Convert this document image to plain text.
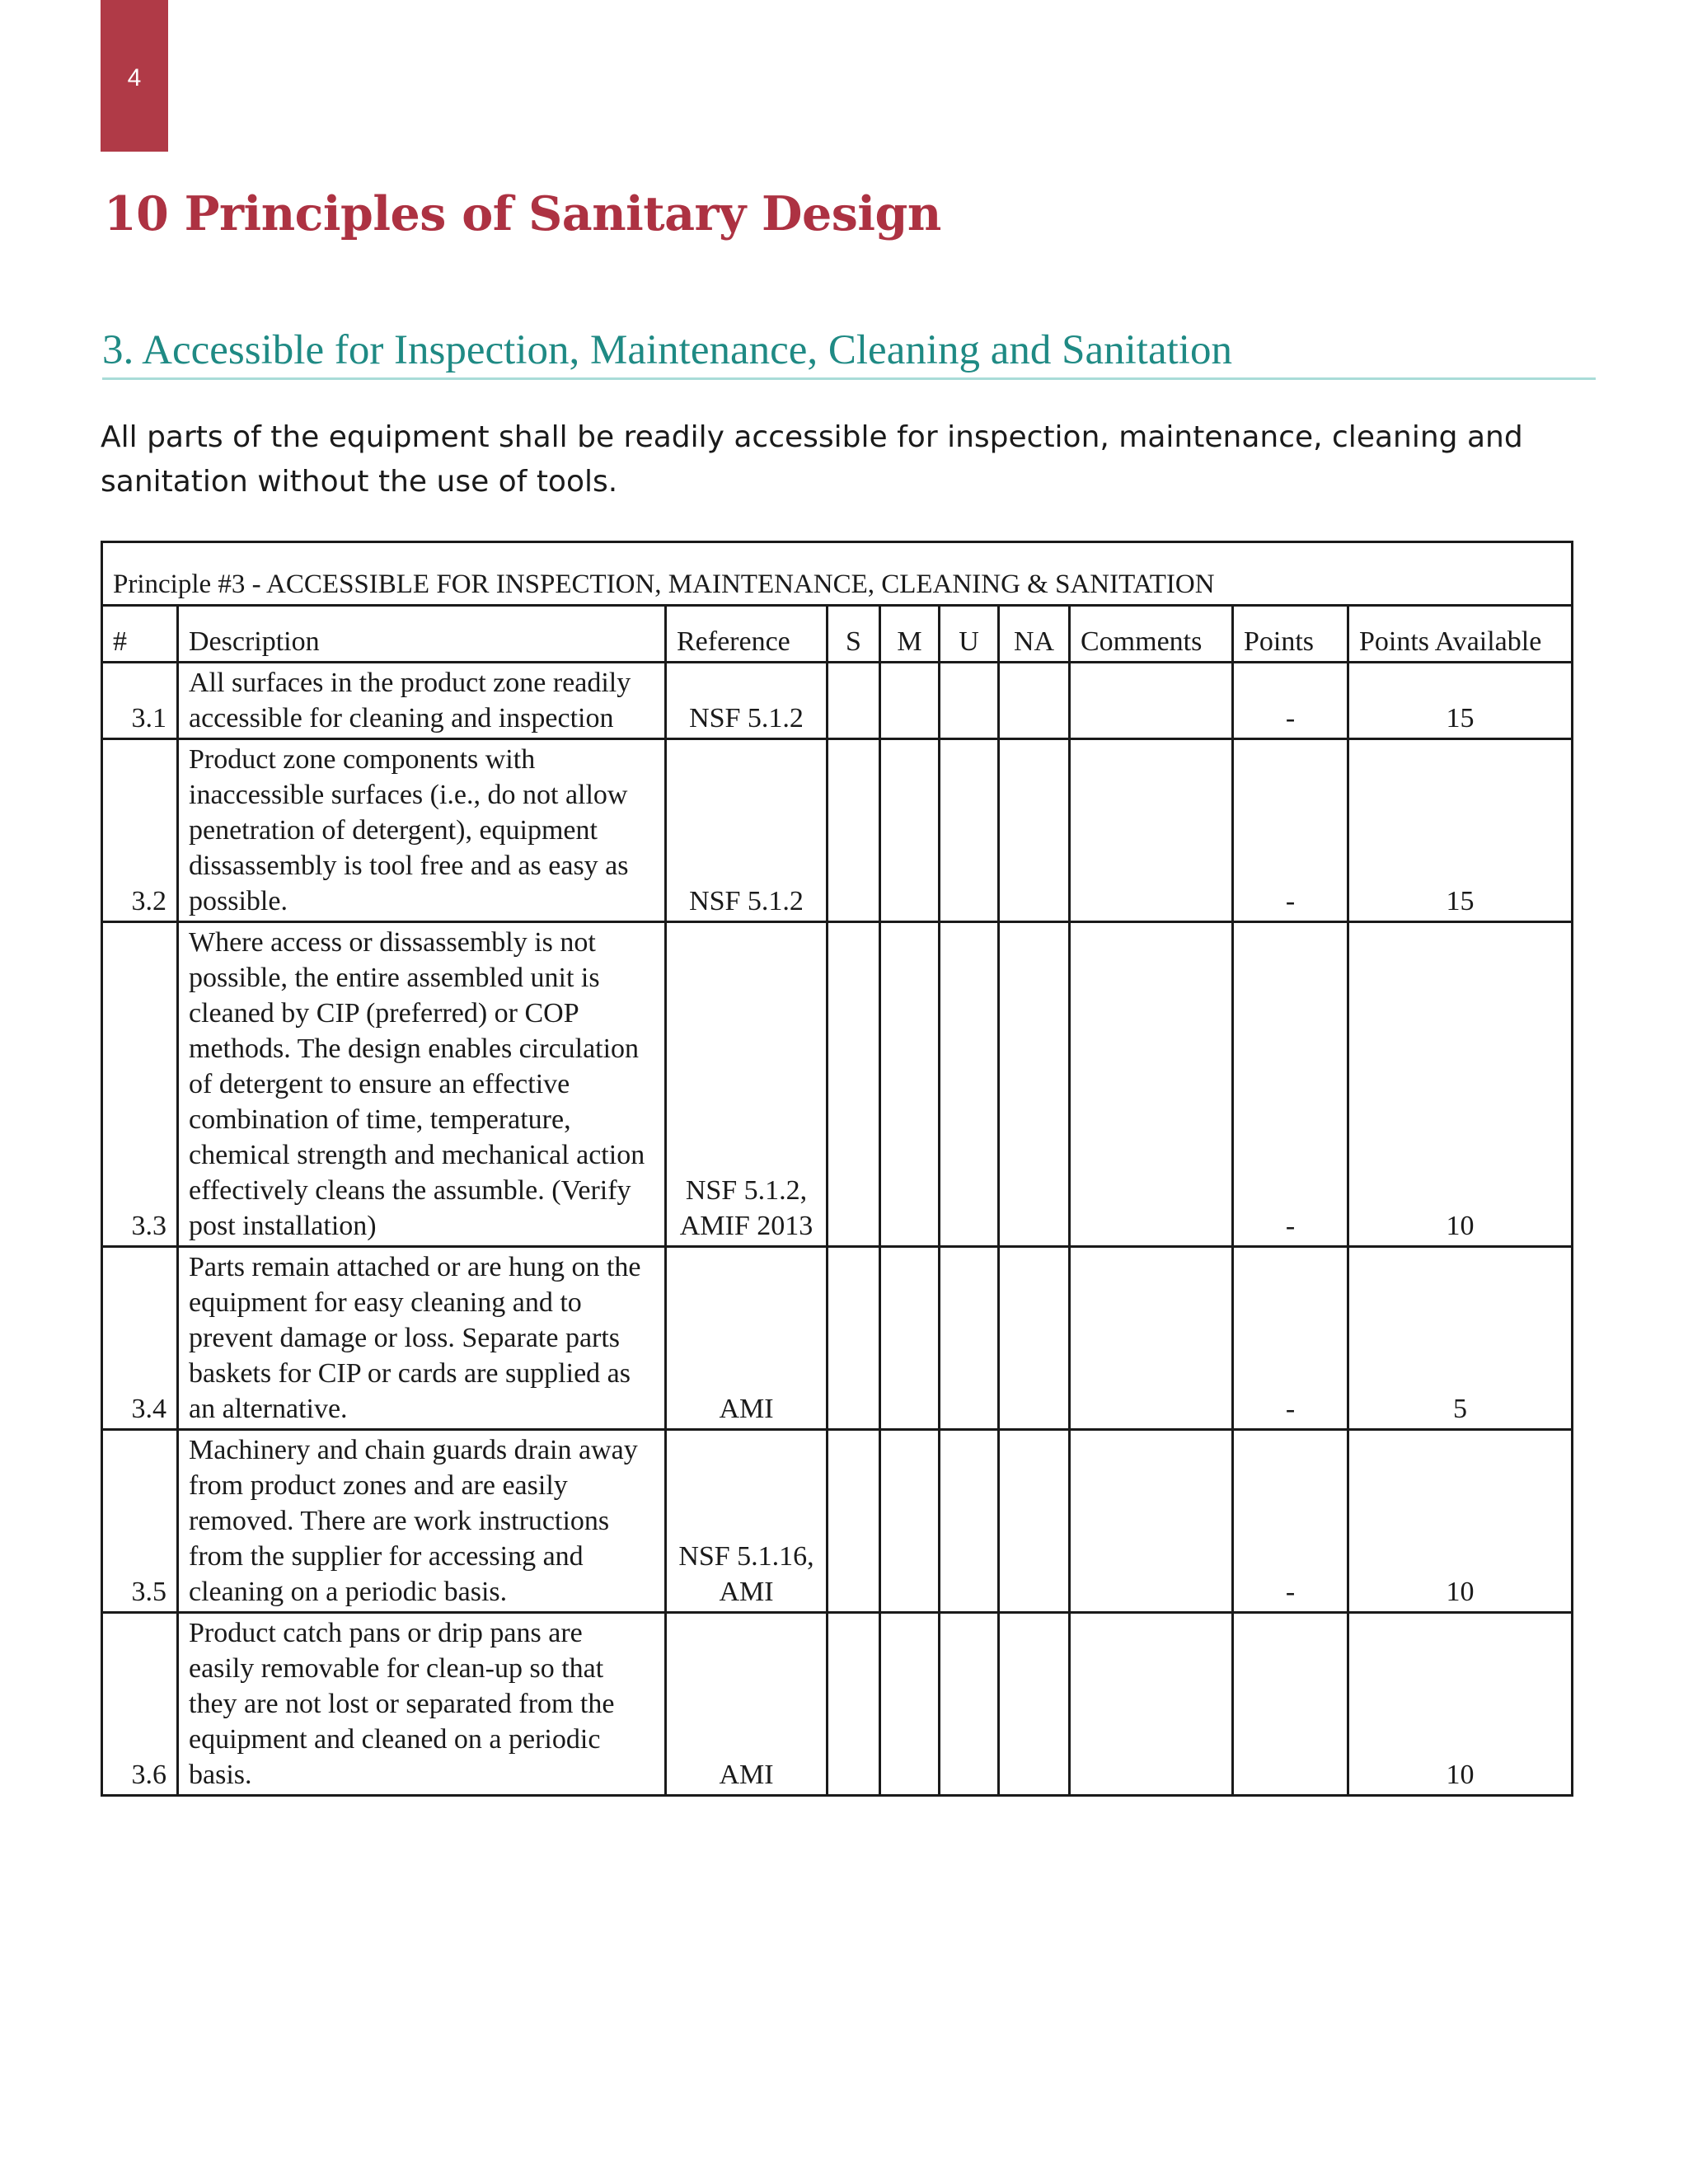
4
10 Principles of Sanitary Design
3. Accessible for Inspection, Maintenance, Cleaning and Sanitation

All parts of the equipment shall be readily accessible for inspection, maintenance, cleaning and sanitation without the use of tools.

Principle #3 - ACCESSIBLE FOR INSPECTION, MAINTENANCE, CLEANING & SANITATION									
#	Description	Reference	S	M	U	NA	Comments	Points	Points Available
3.1	All surfaces in the product zone readily accessible for cleaning and inspection	NSF 5.1.2						-	15
3.2	Product zone components with inaccessible surfaces (i.e., do not allow penetration of detergent), equipment dissassembly is tool free and as easy as possible.	NSF 5.1.2						-	15
3.3	Where access or dissassembly is not possible, the entire assembled unit is cleaned by CIP (preferred) or COP methods. The design enables circulation of detergent to ensure an effective combination of time, temperature, chemical strength and mechanical action effectively cleans the assumble. (Verify post installation)	NSF 5.1.2, AMIF 2013						-	10
3.4	Parts remain attached or are hung on the equipment for easy cleaning and to prevent damage or loss. Separate parts baskets for CIP or cards are supplied as an alternative.	AMI						-	5
3.5	Machinery and chain guards drain away from product zones and are easily removed. There are work instructions from the supplier for accessing and cleaning on a periodic basis.	NSF 5.1.16, AMI						-	10
3.6	Product catch pans or drip pans are easily removable for clean-up so that they are not lost or separated from the equipment and cleaned on a periodic basis.	AMI							10
